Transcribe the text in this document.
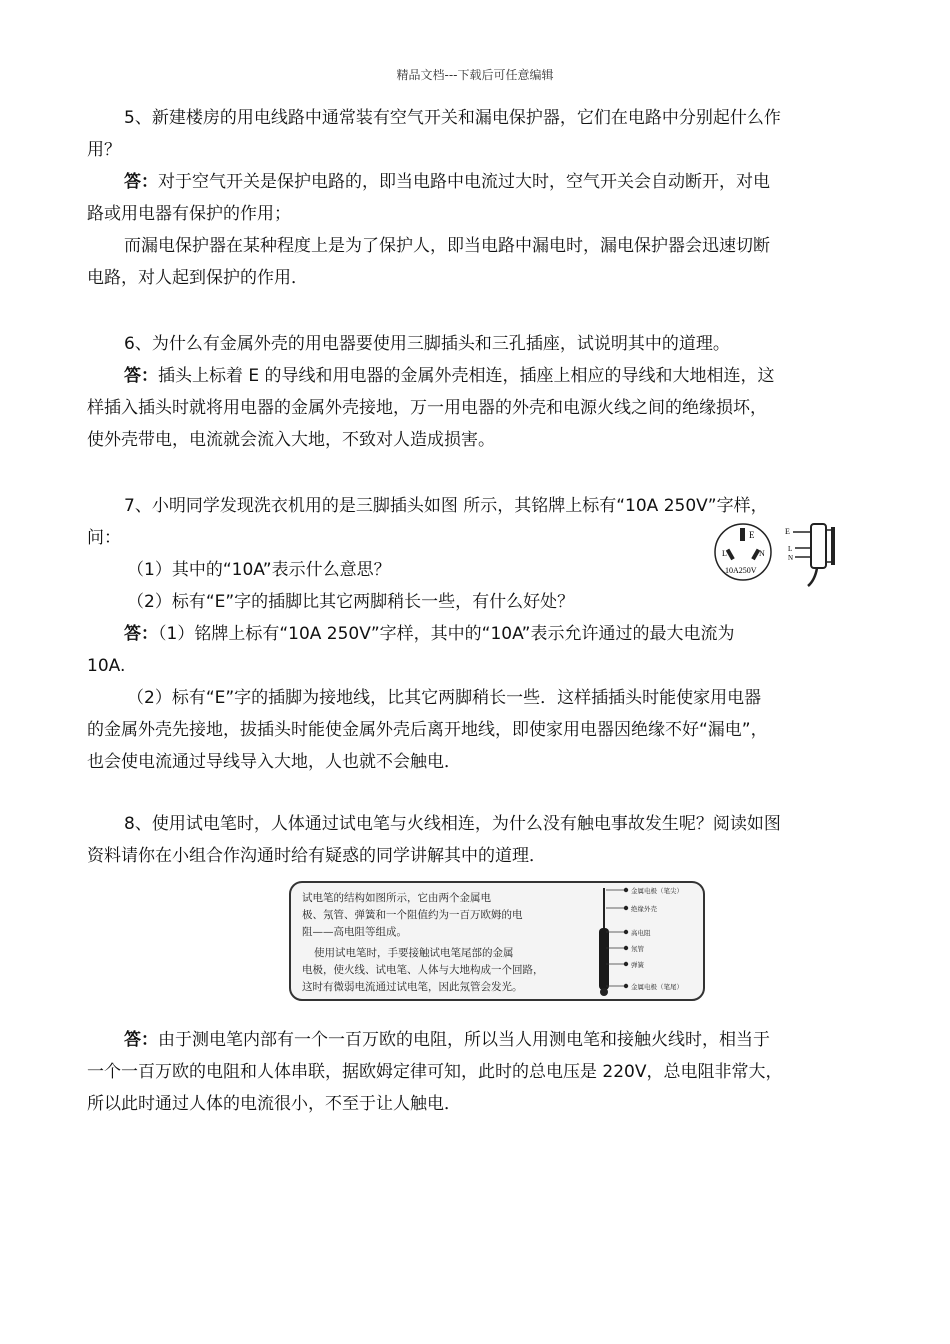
精品文档---下载后可任意编辑
5、新建楼房的用电线路中通常装有空气开关和漏电保护器，它们在电路中分别起什么作
用？
答：对于空气开关是保护电路的，即当电路中电流过大时，空气开关会自动断开，对电
路或用电器有保护的作用；
而漏电保护器在某种程度上是为了保护人，即当电路中漏电时，漏电保护器会迅速切断
电路，对人起到保护的作用．
6、为什么有金属外壳的用电器要使用三脚插头和三孔插座，试说明其中的道理。
答：插头上标着 E 的导线和用电器的金属外壳相连，插座上相应的导线和大地相连，这
样插入插头时就将用电器的金属外壳接地，万一用电器的外壳和电源火线之间的绝缘损坏，
使外壳带电，电流就会流入大地，不致对人造成损害。
7、小明同学发现洗衣机用的是三脚插头如图 所示，其铭牌上标有“10A 250V”字样，
问：	E
L	N
10A250V
E
L
N
（1）其中的“10A”表示什么意思？
（2）标有“E”字的插脚比其它两脚稍长一些，有什么好处？
答：（1）铭牌上标有“10A 250V”字样，其中的“10A”表示允许通过的最大电流为
10A.
（2）标有“E”字的插脚为接地线，比其它两脚稍长一些．这样插插头时能使家用电器
的金属外壳先接地，拔插头时能使金属外壳后离开地线，即使家用电器因绝缘不好“漏电”，
也会使电流通过导线导入大地，人也就不会触电．
8、使用试电笔时，人体通过试电笔与火线相连，为什么没有触电事故发生呢？阅读如图
资料请你在小组合作沟通时给有疑惑的同学讲解其中的道理．
试电笔的结构如图所示，它由两个金属电
极、氖管、弹簧和一个阻值约为一百万欧姆的电
阻——高电阻等组成。
使用试电笔时，手要接触试电笔尾部的金属
电极，使火线、试电笔、人体与大地构成一个回路，
这时有微弱电流通过试电笔，因此氖管会发光。
金属电极（笔尖）
绝缘外壳
高电阻
氖管
弹簧
金属电极（笔尾）
答：由于测电笔内部有一个一百万欧的电阻，所以当人用测电笔和接触火线时，相当于
一个一百万欧的电阻和人体串联，据欧姆定律可知，此时的总电压是 220V，总电阻非常大，
所以此时通过人体的电流很小，不至于让人触电．
